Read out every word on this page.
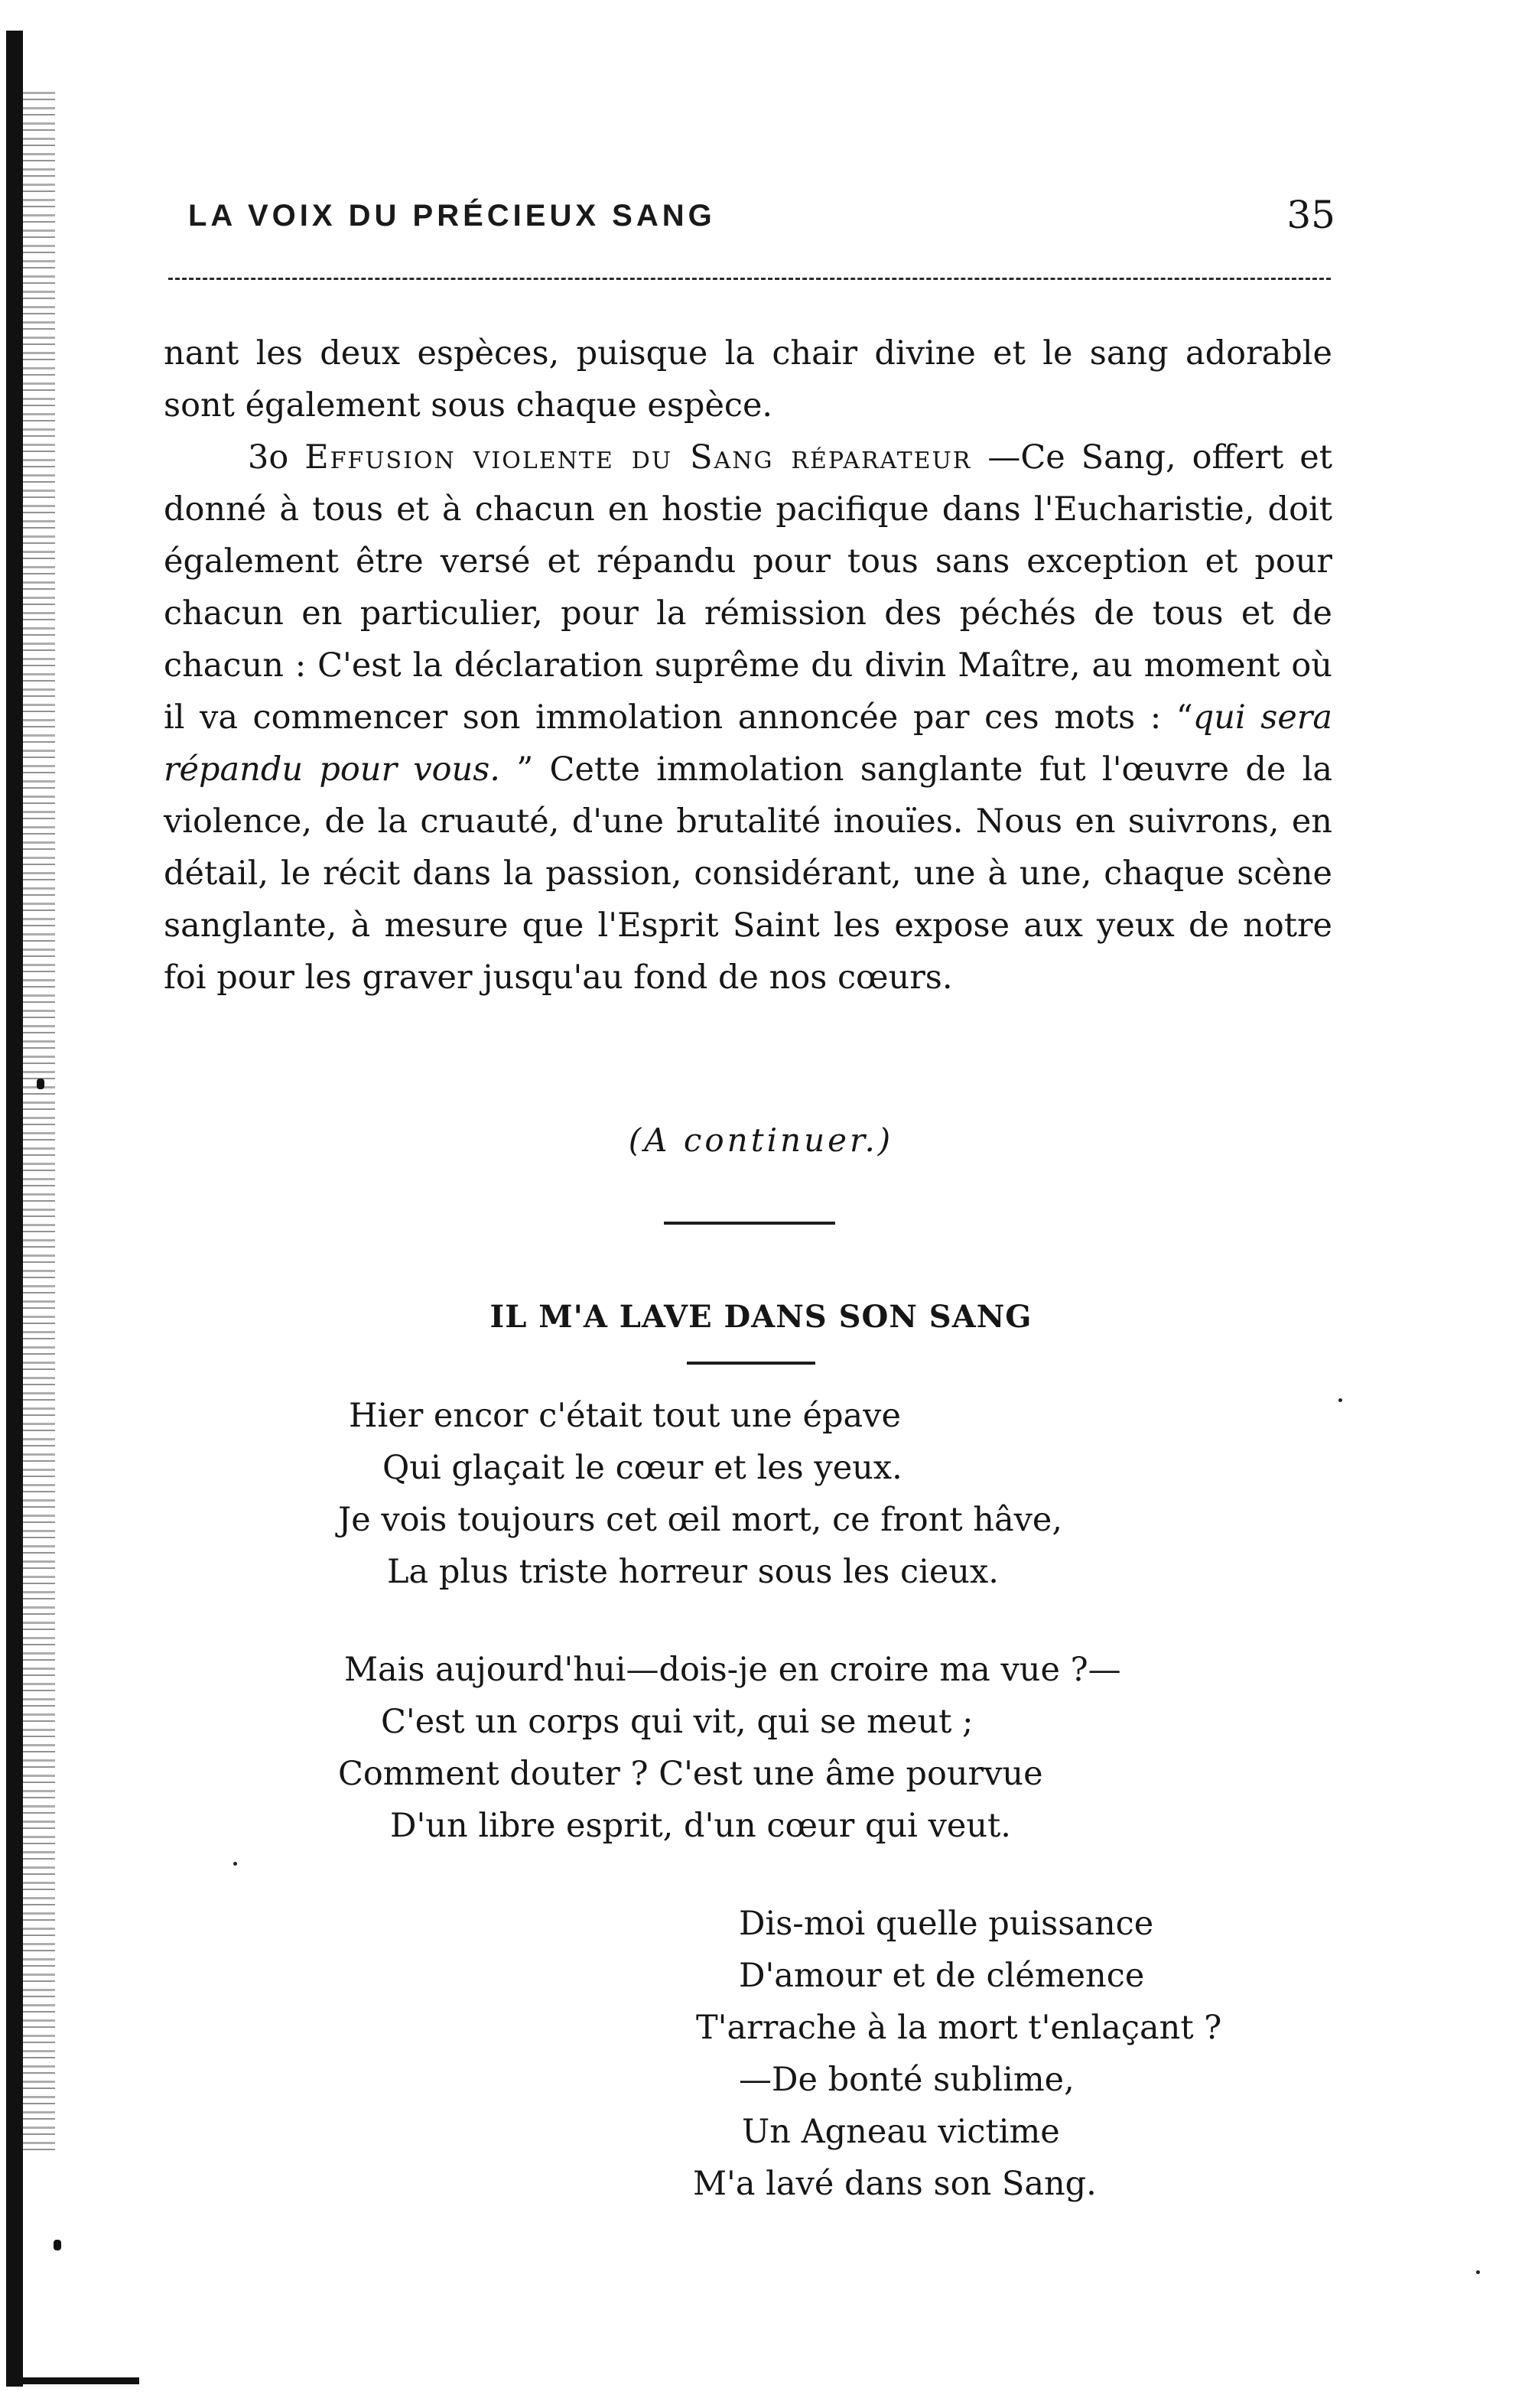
LA VOIX DU PRÉCIEUX SANG	35

nant les deux espèces, puisque la chair divine et le sang adorable sont également sous chaque espèce.

3o Effusion violente du Sang réparateur —Ce Sang, offert et donné à tous et à chacun en hostie pacifique dans l'Eucharistie, doit également être versé et répandu pour tous sans exception et pour chacun en particulier, pour la rémission des péchés de tous et de chacun : C'est la déclaration suprême du divin Maître, au moment où il va commencer son immolation annoncée par ces mots : “qui sera répandu pour vous. ” Cette immolation sanglante fut l'œuvre de la violence, de la cruauté, d'une brutalité inouïes. Nous en suivrons, en détail, le récit dans la passion, considérant, une à une, chaque scène sanglante, à mesure que l'Esprit Saint les expose aux yeux de notre foi pour les graver jusqu'au fond de nos cœurs.

(A continuer.)
IL M'A LAVE DANS SON SANG
Hier encor c'était tout une épave
Qui glaçait le cœur et les yeux.
Je vois toujours cet œil mort, ce front hâve,
La plus triste horreur sous les cieux.
Mais aujourd'hui—dois-je en croire ma vue ?—
C'est un corps qui vit, qui se meut ;
Comment douter ? C'est une âme pourvue
D'un libre esprit, d'un cœur qui veut.
Dis-moi quelle puissance
D'amour et de clémence
T'arrache à la mort t'enlaçant ?
—De bonté sublime,
Un Agneau victime
M'a lavé dans son Sang.
